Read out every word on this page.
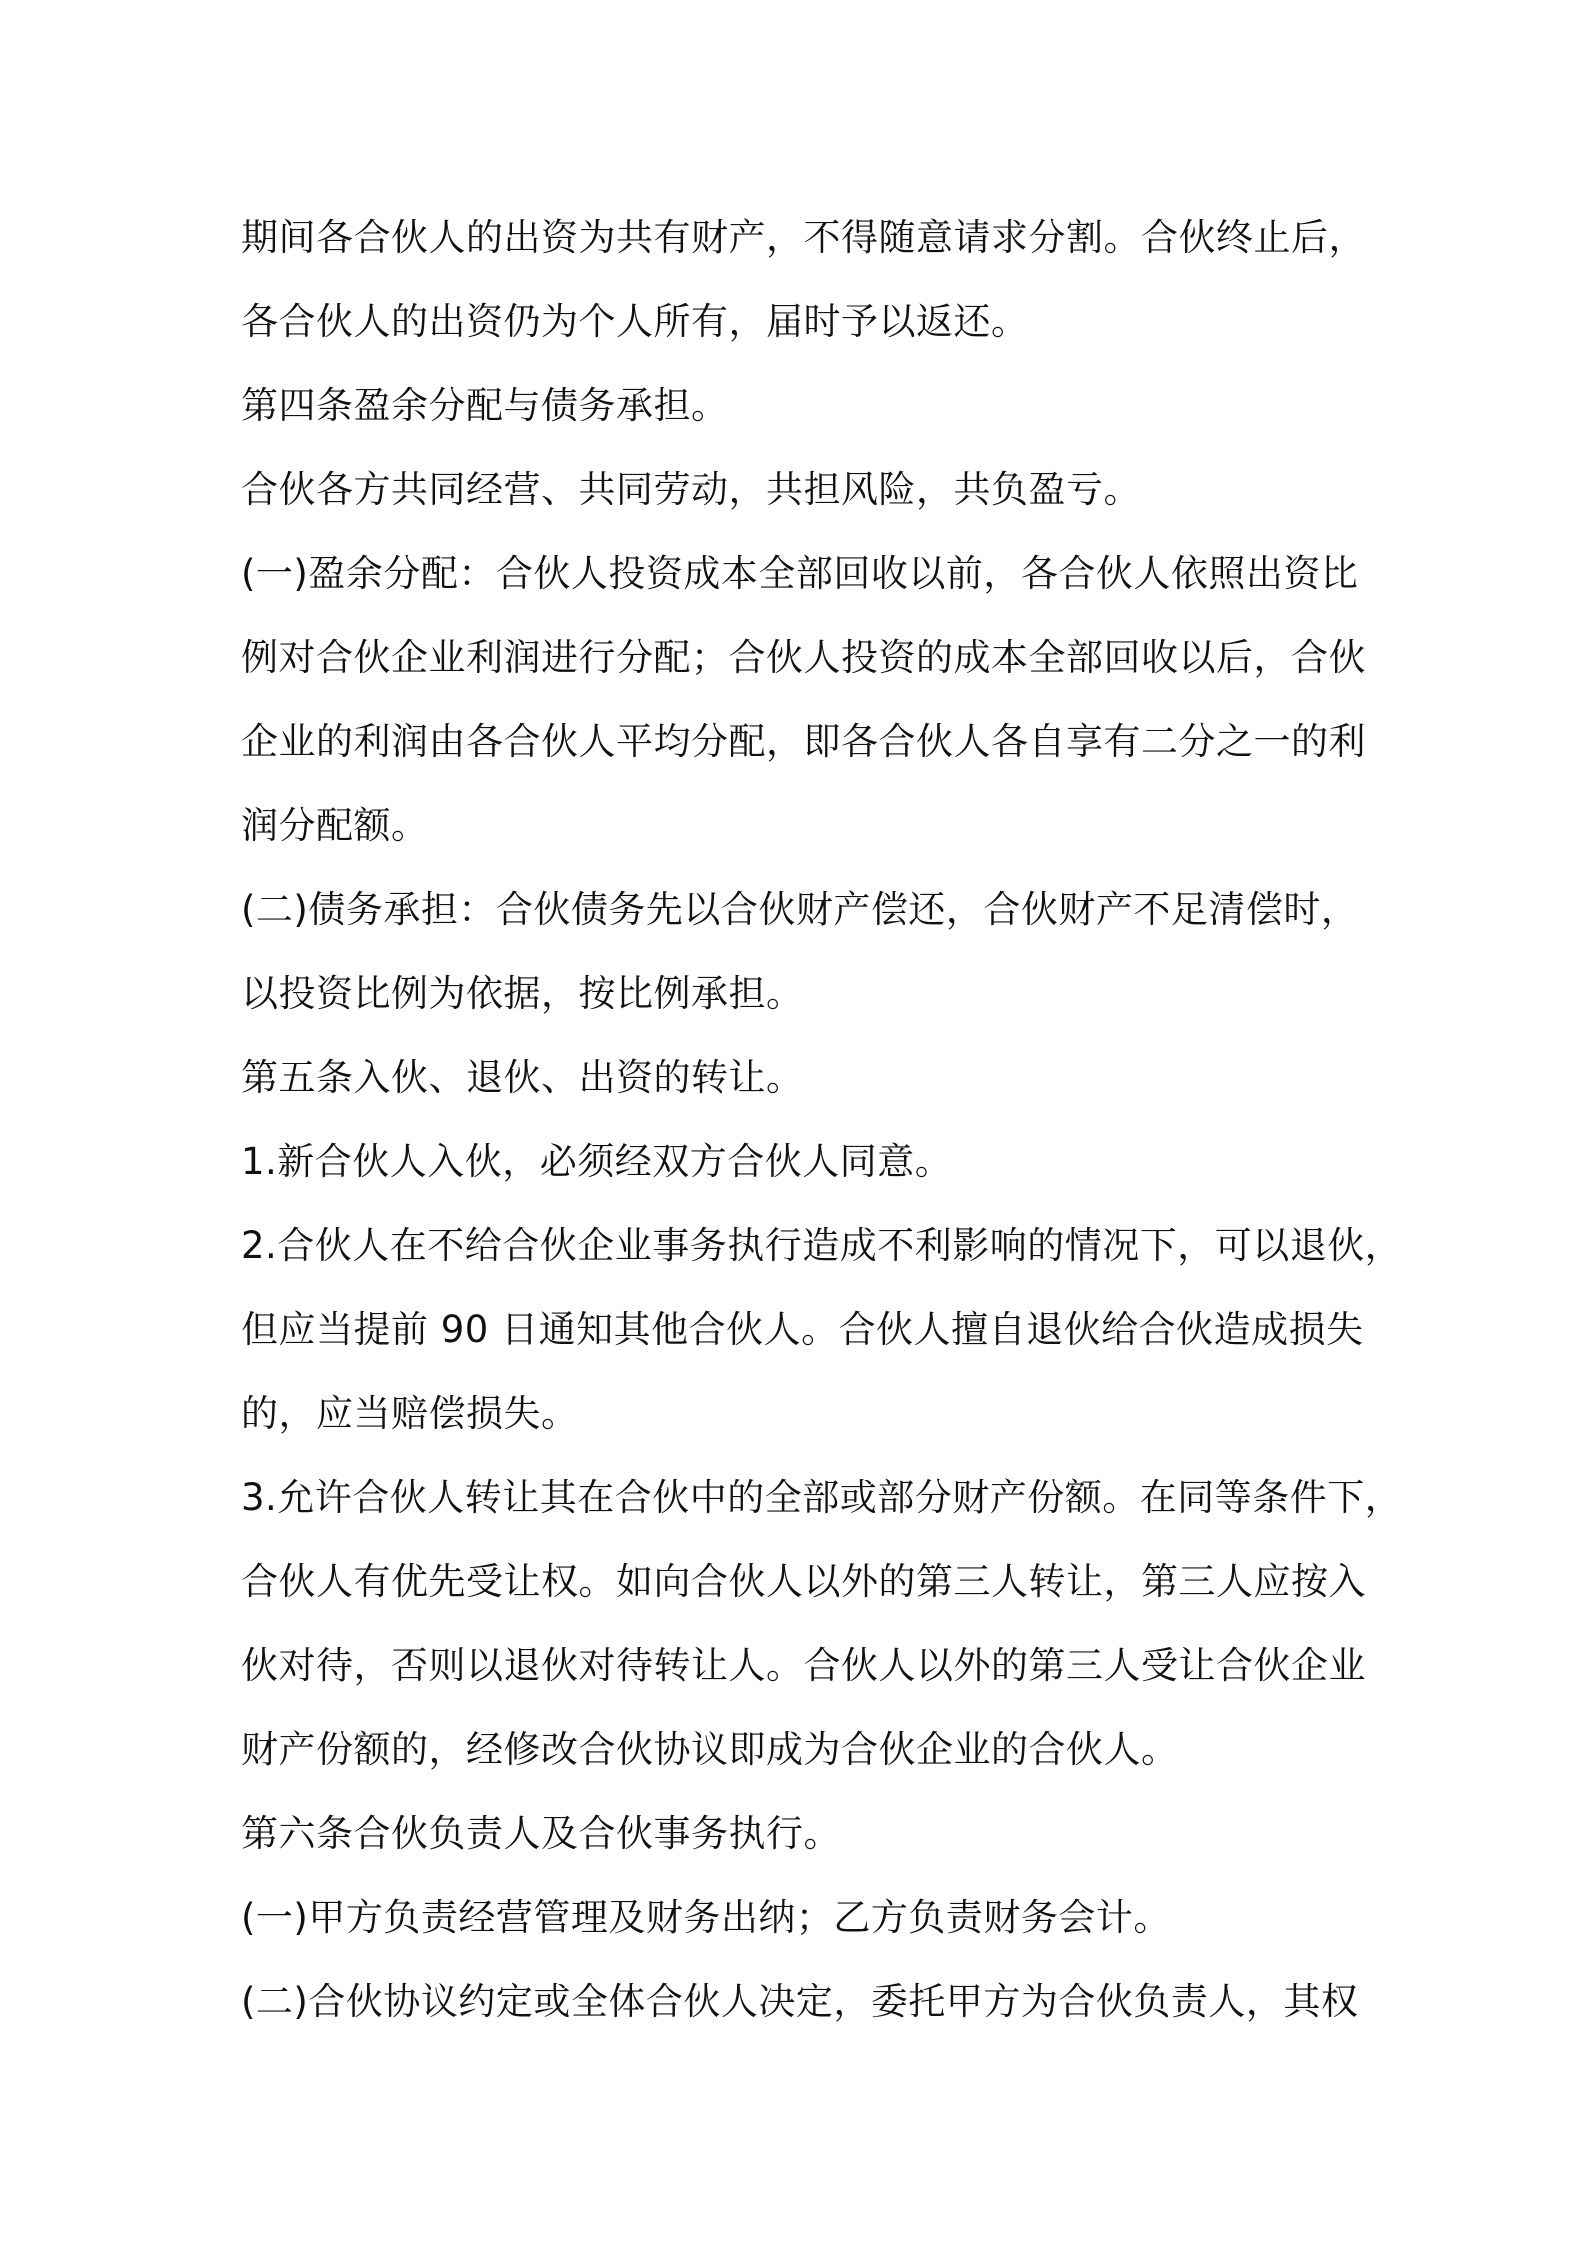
期间各合伙人的出资为共有财产，不得随意请求分割。合伙终止后，
各合伙人的出资仍为个人所有，届时予以返还。
第四条盈余分配与债务承担。
合伙各方共同经营、共同劳动，共担风险，共负盈亏。
(一)盈余分配：合伙人投资成本全部回收以前，各合伙人依照出资比
例对合伙企业利润进行分配；合伙人投资的成本全部回收以后，合伙
企业的利润由各合伙人平均分配，即各合伙人各自享有二分之一的利
润分配额。
(二)债务承担：合伙债务先以合伙财产偿还，合伙财产不足清偿时，
以投资比例为依据，按比例承担。
第五条入伙、退伙、出资的转让。
1.新合伙人入伙，必须经双方合伙人同意。
2.合伙人在不给合伙企业事务执行造成不利影响的情况下，可以退伙，
但应当提前 90 日通知其他合伙人。合伙人擅自退伙给合伙造成损失
的，应当赔偿损失。
3.允许合伙人转让其在合伙中的全部或部分财产份额。在同等条件下，
合伙人有优先受让权。如向合伙人以外的第三人转让，第三人应按入
伙对待，否则以退伙对待转让人。合伙人以外的第三人受让合伙企业
财产份额的，经修改合伙协议即成为合伙企业的合伙人。
第六条合伙负责人及合伙事务执行。
(一)甲方负责经营管理及财务出纳；乙方负责财务会计。
(二)合伙协议约定或全体合伙人决定，委托甲方为合伙负责人，其权
